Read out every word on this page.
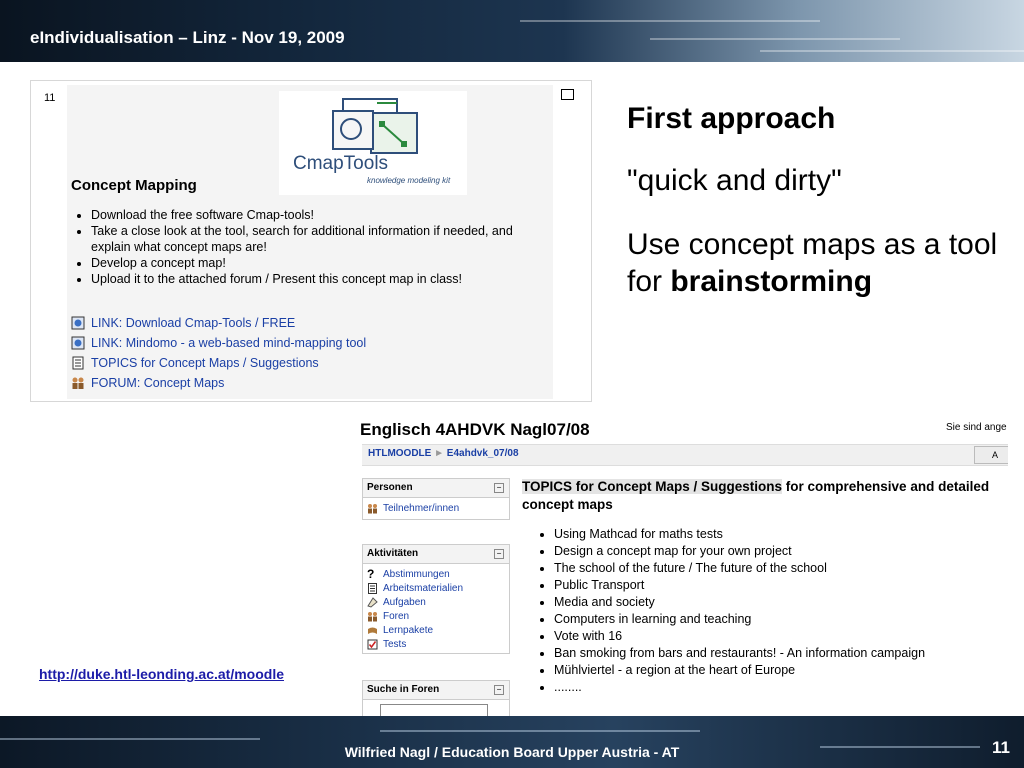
eIndividualisation – Linz - Nov 19, 2009
11
CmapTools
knowledge modeling kit
Concept Mapping
• Download the free software Cmap-tools!
• Take a close look at the tool, search for additional information if needed, and explain what concept maps are!
• Develop a concept map!
• Upload it to the attached forum / Present this concept map in class!
LINK: Download Cmap-Tools / FREE
LINK: Mindomo - a web-based mind-mapping tool
TOPICS for Concept Maps / Suggestions
FORUM: Concept Maps
First approach
"quick and dirty"
Use concept maps as a tool for brainstorming
http://duke.htl-leonding.ac.at/moodle
Englisch 4AHDVK Nagl07/08	Sie sind ange
HTLMOODLE ► E4ahdvk_07/08	A
Personen	−
Teilnehmer/innen
Aktivitäten	−
? Abstimmungen
Arbeitsmaterialien
Aufgaben
Foren
Lernpakete
Tests
Suche in Foren	−
TOPICS for Concept Maps / Suggestions for comprehensive and detailed concept maps
• Using Mathcad for maths tests
• Design a concept map for your own project
• The school of the future / The future of the school
• Public Transport
• Media and society
• Computers in learning and teaching
• Vote with 16
• Ban smoking from bars and restaurants! - An information campaign
• Mühlviertel - a region at the heart of Europe
• ........
Wilfried Nagl / Education Board Upper Austria - AT	11
